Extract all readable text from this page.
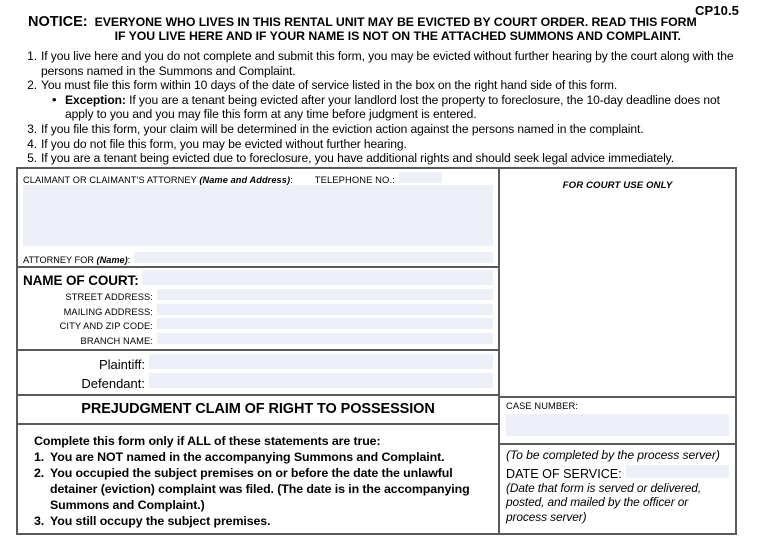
CP10.5
NOTICE: EVERYONE WHO LIVES IN THIS RENTAL UNIT MAY BE EVICTED BY COURT ORDER. READ THIS FORM
IF YOU LIVE HERE AND IF YOUR NAME IS NOT ON THE ATTACHED SUMMONS AND COMPLAINT.
1. If you live here and you do not complete and submit this form, you may be evicted without further hearing by the court along with the persons named in the Summons and Complaint.
2. You must file this form within 10 days of the date of service listed in the box on the right hand side of this form.
• Exception: If you are a tenant being evicted after your landlord lost the property to foreclosure, the 10-day deadline does not apply to you and you may file this form at any time before judgment is entered.
3. If you file this form, your claim will be determined in the eviction action against the persons named in the complaint.
4. If you do not file this form, you may be evicted without further hearing.
5. If you are a tenant being evicted due to foreclosure, you have additional rights and should seek legal advice immediately.
CLAIMANT OR CLAIMANT'S ATTORNEY (Name and Address): TELEPHONE NO.:
ATTORNEY FOR (Name):
NAME OF COURT:
STREET ADDRESS:
MAILING ADDRESS:
CITY AND ZIP CODE:
BRANCH NAME:
Plaintiff:
Defendant:
PREJUDGMENT CLAIM OF RIGHT TO POSSESSION
Complete this form only if ALL of these statements are true:
1. You are NOT named in the accompanying Summons and Complaint.
2. You occupied the subject premises on or before the date the unlawful detainer (eviction) complaint was filed. (The date is in the accompanying Summons and Complaint.)
3. You still occupy the subject premises.
FOR COURT USE ONLY
CASE NUMBER:
(To be completed by the process server)
DATE OF SERVICE:
(Date that form is served or delivered,
posted, and mailed by the officer or
process server)
